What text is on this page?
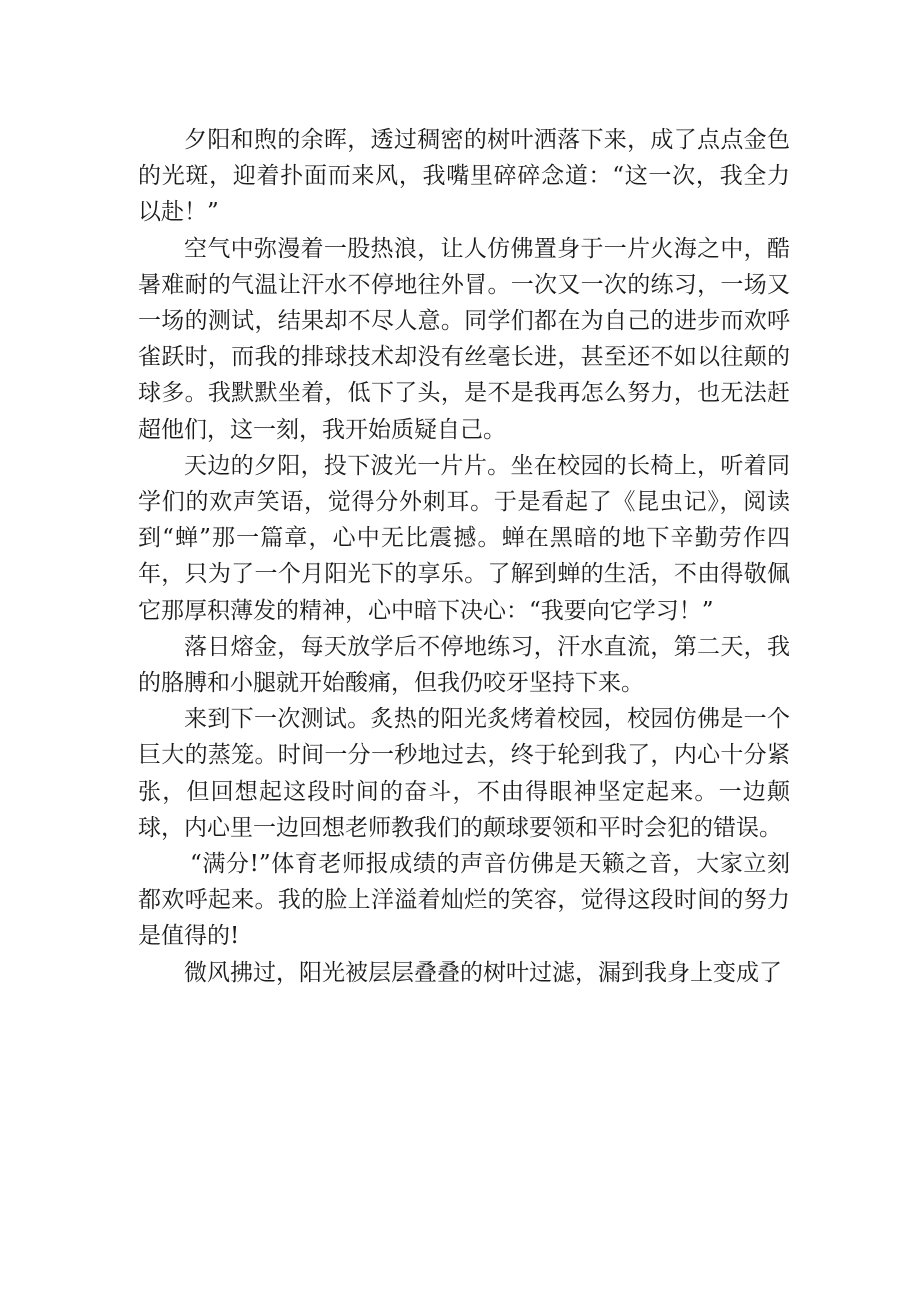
夕阳和煦的余晖，透过稠密的树叶洒落下来，成了点点金色的光斑，迎着扑面而来风，我嘴里碎碎念道：“这一次，我全力以赴！”

空气中弥漫着一股热浪，让人仿佛置身于一片火海之中，酷暑难耐的气温让汗水不停地往外冒。一次又一次的练习，一场又一场的测试，结果却不尽人意。同学们都在为自己的进步而欢呼雀跃时，而我的排球技术却没有丝毫长进，甚至还不如以往颠的球多。我默默坐着，低下了头，是不是我再怎么努力，也无法赶超他们，这一刻，我开始质疑自己。

天边的夕阳，投下波光一片片。坐在校园的长椅上，听着同学们的欢声笑语，觉得分外刺耳。于是看起了《昆虫记》，阅读到“蝉”那一篇章，心中无比震撼。蝉在黑暗的地下辛勤劳作四年，只为了一个月阳光下的享乐。了解到蝉的生活，不由得敬佩它那厚积薄发的精神，心中暗下决心：“我要向它学习！”

落日熔金，每天放学后不停地练习，汗水直流，第二天，我的胳膊和小腿就开始酸痛，但我仍咬牙坚持下来。

来到下一次测试。炙热的阳光炙烤着校园，校园仿佛是一个巨大的蒸笼。时间一分一秒地过去，终于轮到我了，内心十分紧张，但回想起这段时间的奋斗，不由得眼神坚定起来。一边颠球，内心里一边回想老师教我们的颠球要领和平时会犯的错误。

“满分!”体育老师报成绩的声音仿佛是天籁之音，大家立刻都欢呼起来。我的脸上洋溢着灿烂的笑容，觉得这段时间的努力是值得的!

微风拂过，阳光被层层叠叠的树叶过滤，漏到我身上变成了
